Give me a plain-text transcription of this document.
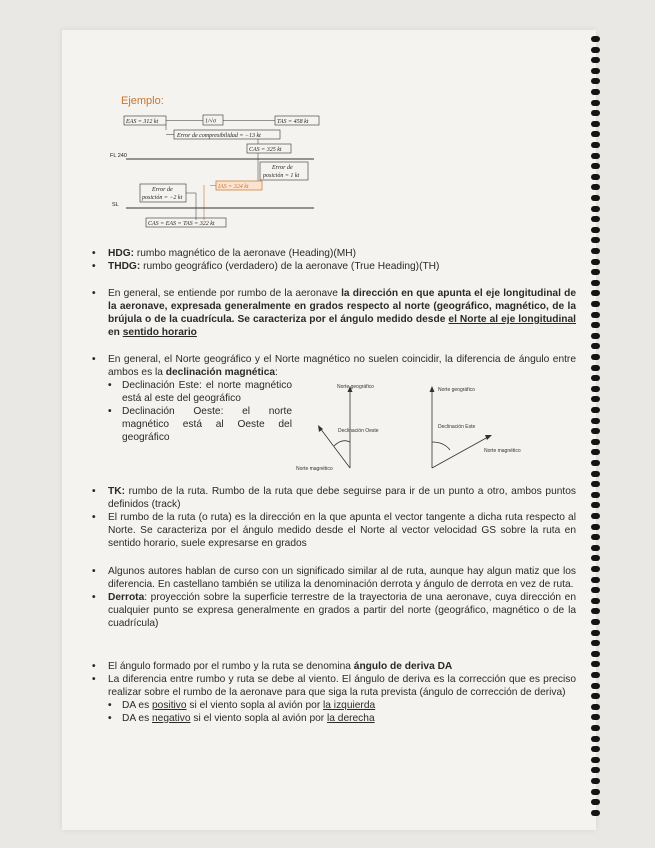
Ejemplo:
EAS = 312 kt	1/√σ	TAS = 458 kt
Error de compresibilidad = −13 kt
CAS = 325 kt
FL 240
Error de
posición = 1 kt
IAS = 324 kt
Error de
posición = −2 kt
SL
CAS = EAS = TAS = 322 kt
• HDG: rumbo magnético de la aeronave (Heading)(MH)
• THDG: rumbo geográfico (verdadero) de la aeronave (True Heading)(TH)
• En general, se entiende por rumbo de la aeronave la dirección en que apunta el eje longitudinal de la aeronave, expresada generalmente en grados respecto al norte (geográfico, magnético, de la brújula o de la cuadrícula. Se caracteriza por el ángulo medido desde el Norte al eje longitudinal en sentido horario
• En general, el Norte geográfico y el Norte magnético no suelen coincidir, la diferencia de ángulo entre ambos es la declinación magnética:
• Declinación Este: el norte magnético está al este del geográfico
• Declinación Oeste: el norte magnético está al Oeste del geográfico
Norte geográfico
Declinación Oeste
Norte magnético
Norte geográfico
Declinación Este
Norte magnético
• TK: rumbo de la ruta. Rumbo de la ruta que debe seguirse para ir de un punto a otro, ambos puntos definidos (track)
• El rumbo de la ruta (o ruta) es la dirección en la que apunta el vector tangente a dicha ruta respecto al Norte. Se caracteriza por el ángulo medido desde el Norte al vector velocidad GS sobre la ruta en sentido horario, suele expresarse en grados
• Algunos autores hablan de curso con un significado similar al de ruta, aunque hay algun matiz que los diferencia. En castellano también se utiliza la denominación derrota y ángulo de derrota en vez de ruta.
• Derrota: proyección sobre la superficie terrestre de la trayectoria de una aeronave, cuya dirección en cualquier punto se expresa generalmente en grados a partir del norte (geográfico, magnético o de la cuadrícula)
• El ángulo formado por el rumbo y la ruta se denomina ángulo de deriva DA
• La diferencia entre rumbo y ruta se debe al viento. El ángulo de deriva es la corrección que es preciso realizar sobre el rumbo de la aeronave para que siga la ruta prevista (ángulo de corrección de deriva)
• DA es positivo si el viento sopla al avión por la izquierda
• DA es negativo si el viento sopla al avión por la derecha
